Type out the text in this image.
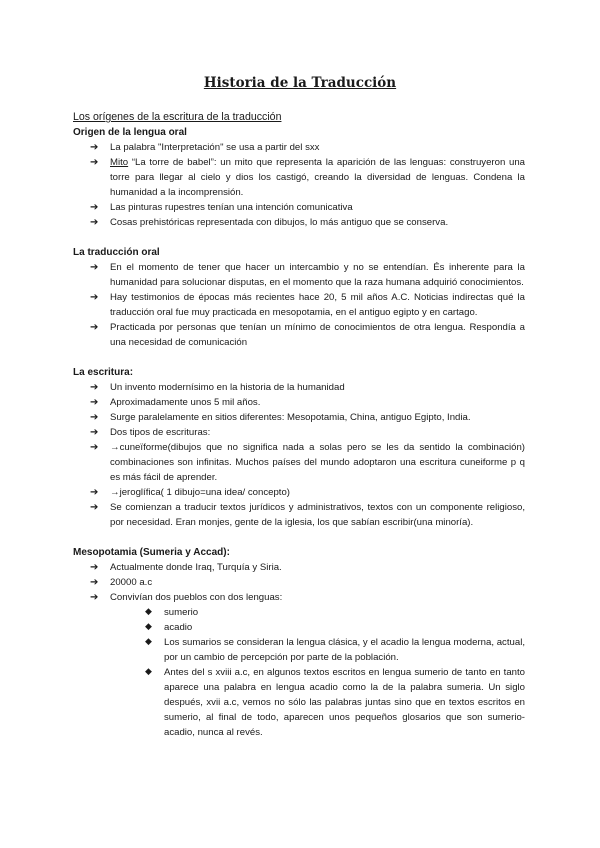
Historia de la Traducción
Los orígenes de la escritura de la traducción
Origen de la lengua oral
➔ La palabra "Interpretación" se usa a partir del sxx
➔ Mito “La torre de babel”: un mito que representa la aparición de las lenguas: construyeron una torre para llegar al cielo y dios los castigó, creando la diversidad de lenguas. Condena la humanidad a la incomprensión.
➔ Las pinturas rupestres tenían una intención comunicativa
➔ Cosas prehistóricas representada con dibujos, lo más antiguo que se conserva.
La traducción oral
➔ En el momento de tener que hacer un intercambio y no se entendían. És inherente para la humanidad para solucionar disputas, en el momento que la raza humana adquirió conocimientos.
➔ Hay testimonios de épocas más recientes hace 20, 5 mil años A.C. Noticias indirectas qué la traducción oral fue muy practicada en mesopotamia, en el antiguo egipto y en cartago.
➔ Practicada por personas que tenían un mínimo de conocimientos de otra lengua. Respondía a una necesidad de comunicación
La escritura:
➔ Un invento modernísimo en la historia de la humanidad
➔ Aproximadamente unos 5 mil años.
➔ Surge paralelamente en sitios diferentes: Mesopotamia, China, antiguo Egipto, India.
➔ Dos tipos de escrituras:
➔ →cuneïforme(dibujos que no significa nada a solas pero se les da sentido la combinación) combinaciones son infinitas. Muchos países del mundo adoptaron una escritura cuneiforme p q es más fácil de aprender.
➔ →jeroglífica( 1 dibujo=una idea/ concepto)
➔ Se comienzan a traducir textos jurídicos y administrativos, textos con un componente religioso, por necesidad. Eran monjes, gente de la iglesia, los que sabían escribir(una minoría).
Mesopotamia (Sumeria y Accad):
➔ Actualmente donde Iraq, Turquía y Siria.
➔ 20000 a.c
➔ Convivían dos pueblos con dos lenguas:
◆ sumerio
◆ acadio
◆ Los sumarios se consideran la lengua clásica, y el acadio la lengua moderna, actual, por un cambio de percepción por parte de la población.
◆ Antes del s xviii a.c, en algunos textos escritos en lengua sumerio de tanto en tanto aparece una palabra en lengua acadio como la de la palabra sumeria. Un siglo después, xvii a.c, vemos no sólo las palabras juntas sino que en textos escritos en sumerio, al final de todo, aparecen unos pequeños glosarios que son sumerio-acadio, nunca al revés.
